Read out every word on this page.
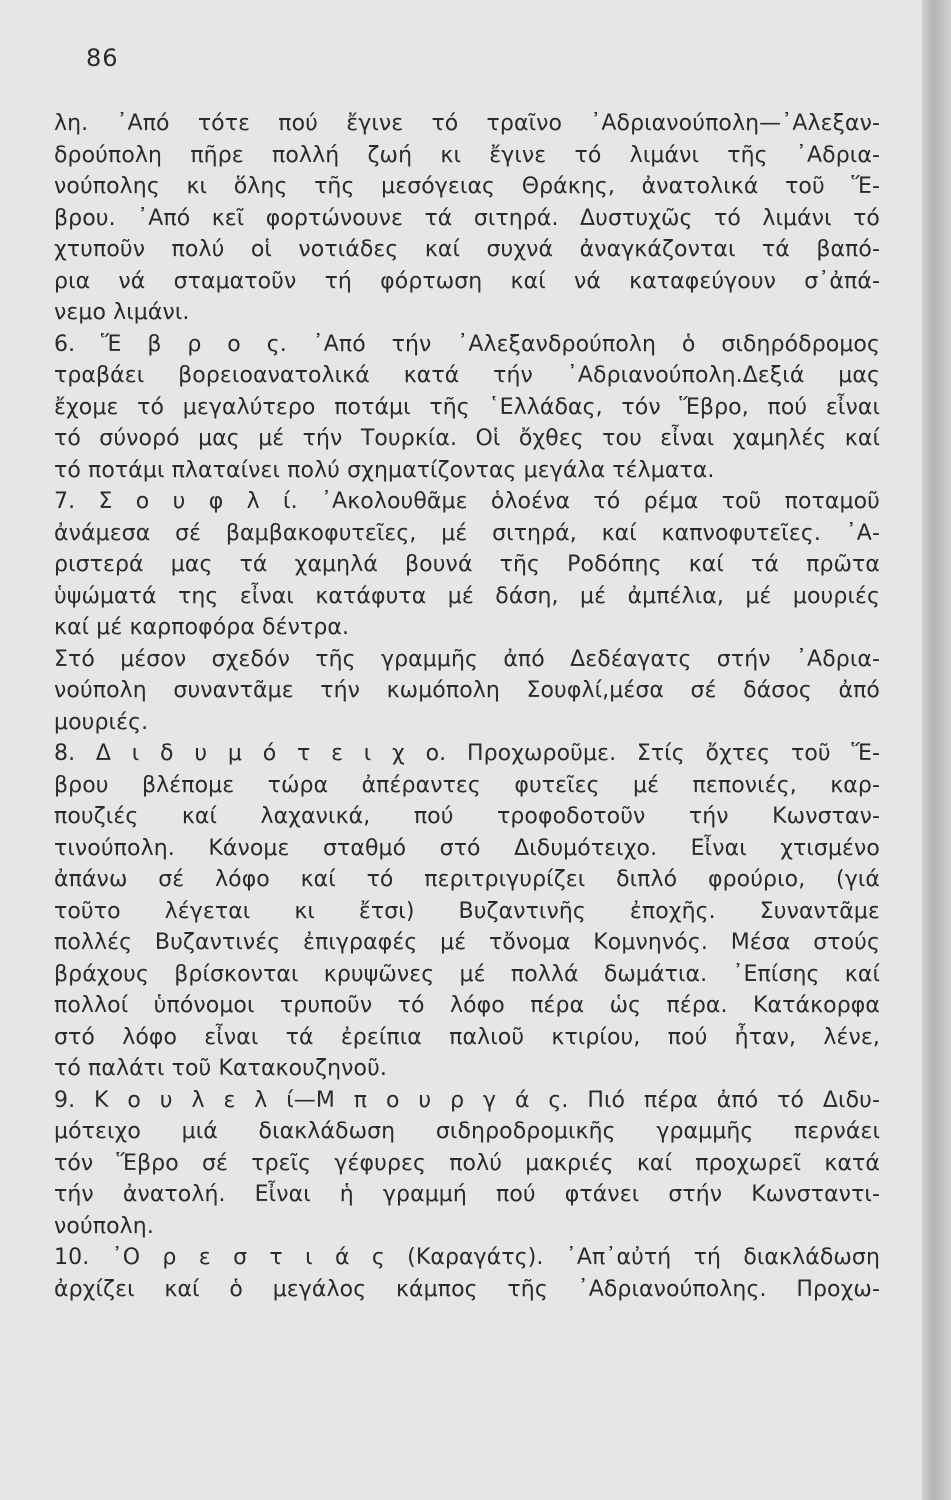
86
λη. ᾿Από τότε πού ἔγινε τό τραῖνο ᾿Αδριανούπολη—᾿Αλεξαν-
δρούπολη πῆρε πολλή ζωή κι ἔγινε τό λιμάνι τῆς ᾿Αδρια-
νούπολης κι ὅλης τῆς μεσόγειας Θράκης, ἀνατολικά τοῦ Ἕ-
βρου. ᾿Από κεῖ φορτώνουνε τά σιτηρά. Δυστυχῶς τό λιμάνι τό
χτυποῦν πολύ οἱ νοτιάδες καί συχνά ἀναγκάζονται τά βαπό-
ρια νά σταματοῦν τή φόρτωση καί νά καταφεύγουν σ᾿ἀπά-
νεμο λιμάνι.
6. Ἕ β ρ ο ς. ᾿Από τήν ᾿Αλεξανδρούπολη ὁ σιδηρόδρομος
τραβάει βορειοανατολικά κατά τήν ᾿Αδριανούπολη.Δεξιά μας
ἔχομε τό μεγαλύτερο ποτάμι τῆς ῾Ελλάδας, τόν Ἕβρο, πού εἶναι
τό σύνορό μας μέ τήν Τουρκία. Οἱ ὄχθες του εἶναι χαμηλές καί
τό ποτάμι πλαταίνει πολύ σχηματίζοντας μεγάλα τέλματα.
7. Σ ο υ φ λ ί. ᾿Ακολουθᾶμε ὁλοένα τό ρέμα τοῦ ποταμοῦ
ἀνάμεσα σέ βαμβακοφυτεῖες, μέ σιτηρά, καί καπνοφυτεῖες. ᾿Α-
ριστερά μας τά χαμηλά βουνά τῆς Ροδόπης καί τά πρῶτα
ὑψώματά της εἶναι κατάφυτα μέ δάση, μέ ἀμπέλια, μέ μουριές
καί μέ καρποφόρα δέντρα.
Στό μέσον σχεδόν τῆς γραμμῆς ἀπό Δεδέαγατς στήν ᾿Αδρια-
νούπολη συναντᾶμε τήν κωμόπολη Σουφλί,μέσα σέ δάσος ἀπό
μουριές.
8. Δ ι δ υ μ ό τ ε ι χ ο. Προχωροῦμε. Στίς ὄχτες τοῦ Ἕ-
βρου βλέπομε τώρα ἀπέραντες φυτεῖες μέ πεπονιές, καρ-
πουζιές καί λαχανικά, πού τροφοδοτοῦν τήν Κωνσταν-
τινούπολη. Κάνομε σταθμό στό Διδυμότειχο. Εἶναι χτισμένο
ἀπάνω σέ λόφο καί τό περιτριγυρίζει διπλό φρούριο, (γιά
τοῦτο λέγεται κι ἔτσι) Βυζαντινῆς ἐποχῆς. Συναντᾶμε
πολλές Βυζαντινές ἐπιγραφές μέ τὄνομα Κομνηνός. Μέσα στούς
βράχους βρίσκονται κρυψῶνες μέ πολλά δωμάτια. ᾿Επίσης καί
πολλοί ὑπόνομοι τρυποῦν τό λόφο πέρα ὡς πέρα. Κατάκορφα
στό λόφο εἶναι τά ἐρείπια παλιοῦ κτιρίου, πού ἦταν, λένε,
τό παλάτι τοῦ Κατακουζηνοῦ.
9. Κ ο υ λ ε λ ί—Μ π ο υ ρ γ ά ς. Πιό πέρα ἀπό τό Διδυ-
μότειχο μιά διακλάδωση σιδηροδρομικῆς γραμμῆς περνάει
τόν Ἕβρο σέ τρεῖς γέφυρες πολύ μακριές καί προχωρεῖ κατά
τήν ἀνατολή. Εἶναι ἡ γραμμή πού φτάνει στήν Κωνσταντι-
νούπολη.
10. ᾿Ο ρ ε σ τ ι ά ς (Καραγάτς). ᾿Απ᾿αὐτή τή διακλάδωση
ἀρχίζει καί ὁ μεγάλος κάμπος τῆς ᾿Αδριανούπολης. Προχω-
